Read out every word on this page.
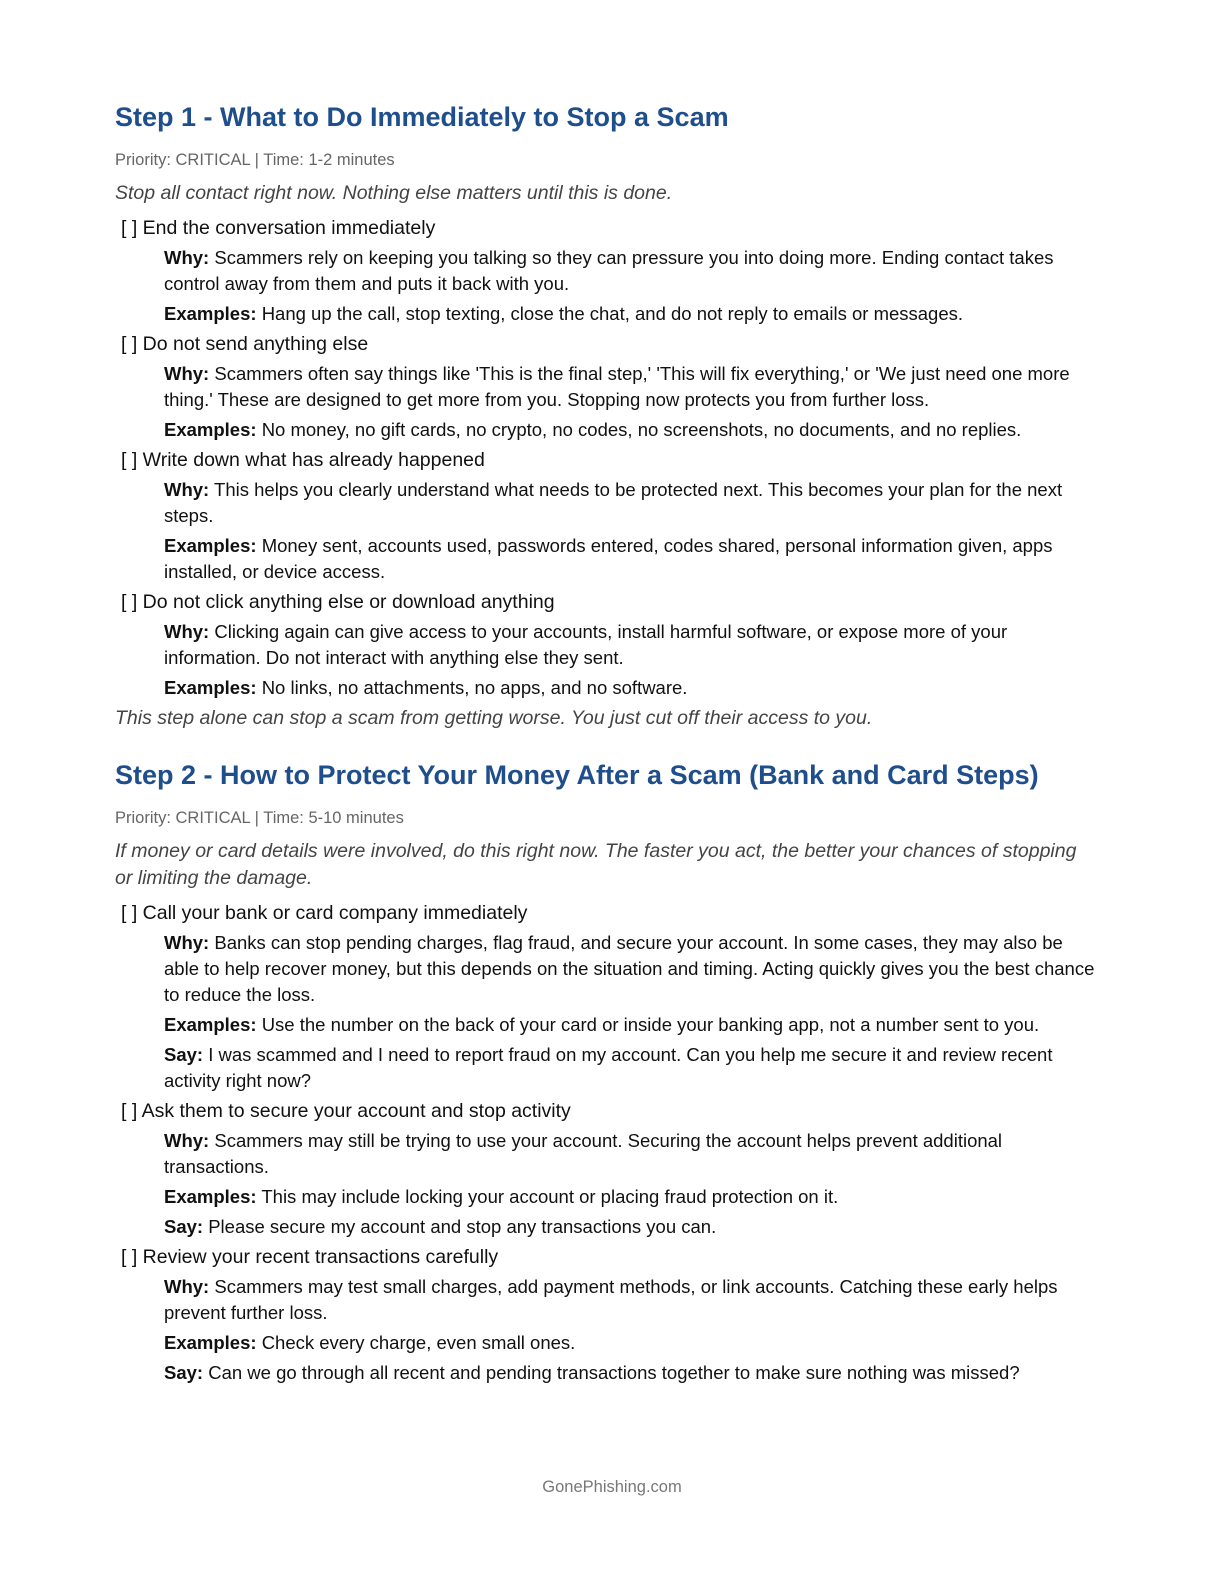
Step 1 - What to Do Immediately to Stop a Scam
Priority: CRITICAL | Time: 1-2 minutes
Stop all contact right now. Nothing else matters until this is done.
[ ] End the conversation immediately
Why: Scammers rely on keeping you talking so they can pressure you into doing more. Ending contact takes control away from them and puts it back with you.
Examples: Hang up the call, stop texting, close the chat, and do not reply to emails or messages.
[ ] Do not send anything else
Why: Scammers often say things like 'This is the final step,' 'This will fix everything,' or 'We just need one more thing.' These are designed to get more from you. Stopping now protects you from further loss.
Examples: No money, no gift cards, no crypto, no codes, no screenshots, no documents, and no replies.
[ ] Write down what has already happened
Why: This helps you clearly understand what needs to be protected next. This becomes your plan for the next steps.
Examples: Money sent, accounts used, passwords entered, codes shared, personal information given, apps installed, or device access.
[ ] Do not click anything else or download anything
Why: Clicking again can give access to your accounts, install harmful software, or expose more of your information. Do not interact with anything else they sent.
Examples: No links, no attachments, no apps, and no software.
This step alone can stop a scam from getting worse. You just cut off their access to you.
Step 2 - How to Protect Your Money After a Scam (Bank and Card Steps)
Priority: CRITICAL | Time: 5-10 minutes
If money or card details were involved, do this right now. The faster you act, the better your chances of stopping or limiting the damage.
[ ] Call your bank or card company immediately
Why: Banks can stop pending charges, flag fraud, and secure your account. In some cases, they may also be able to help recover money, but this depends on the situation and timing. Acting quickly gives you the best chance to reduce the loss.
Examples: Use the number on the back of your card or inside your banking app, not a number sent to you.
Say: I was scammed and I need to report fraud on my account. Can you help me secure it and review recent activity right now?
[ ] Ask them to secure your account and stop activity
Why: Scammers may still be trying to use your account. Securing the account helps prevent additional transactions.
Examples: This may include locking your account or placing fraud protection on it.
Say: Please secure my account and stop any transactions you can.
[ ] Review your recent transactions carefully
Why: Scammers may test small charges, add payment methods, or link accounts. Catching these early helps prevent further loss.
Examples: Check every charge, even small ones.
Say: Can we go through all recent and pending transactions together to make sure nothing was missed?
GonePhishing.com
